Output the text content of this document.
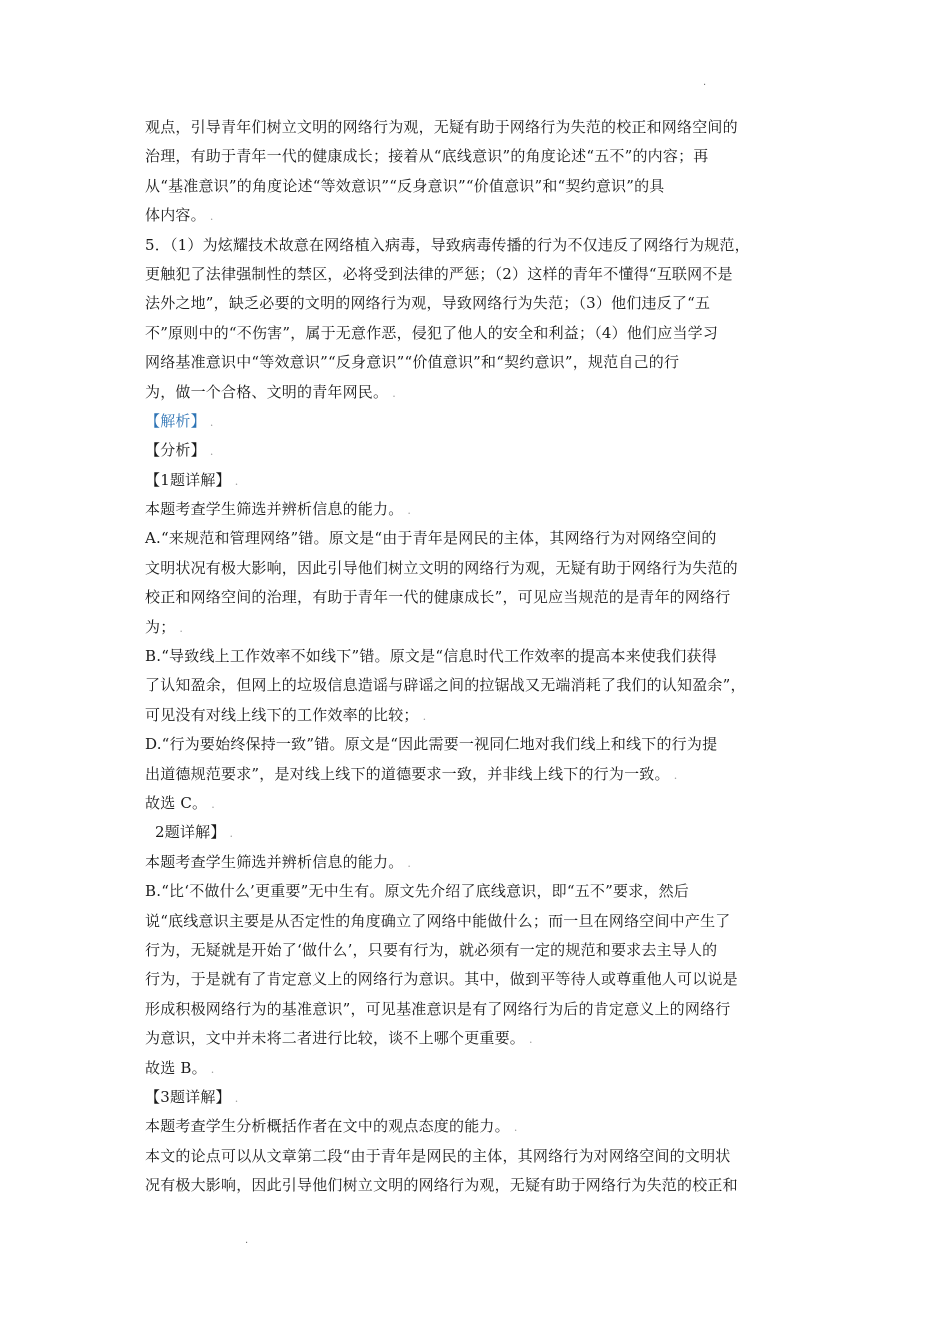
‧
观点，引导青年们树立文明的网络行为观，无疑有助于网络行为失范的校正和网络空间的
治理，有助于青年一代的健康成长；接着从“底线意识”的角度论述“五不”的内容；再
从“基准意识”的角度论述“等效意识”“反身意识”“价值意识”和“契约意识”的具
体内容。 .
5．（1）为炫耀技术故意在网络植入病毒，导致病毒传播的行为不仅违反了网络行为规范，
更触犯了法律强制性的禁区，必将受到法律的严惩；（2）这样的青年不懂得“互联网不是
法外之地”，缺乏必要的文明的网络行为观，导致网络行为失范；（3）他们违反了“五
不”原则中的“不伤害”，属于无意作恶，侵犯了他人的安全和利益；（4）他们应当学习
网络基准意识中“等效意识”“反身意识”“价值意识”和“契约意识”，规范自己的行
为，做一个合格、文明的青年网民。 .
【解析】 .
【分析】 .
【1题详解】 .
本题考查学生筛选并辨析信息的能力。 .
A.“来规范和管理网络”错。原文是“由于青年是网民的主体，其网络行为对网络空间的
文明状况有极大影响，因此引导他们树立文明的网络行为观，无疑有助于网络行为失范的
校正和网络空间的治理，有助于青年一代的健康成长”，可见应当规范的是青年的网络行
为； .
B.“导致线上工作效率不如线下”错。原文是“信息时代工作效率的提高本来使我们获得
了认知盈余，但网上的垃圾信息造谣与辟谣之间的拉锯战又无端消耗了我们的认知盈余”，
可见没有对线上线下的工作效率的比较； .
D.“行为要始终保持一致”错。原文是“因此需要一视同仁地对我们线上和线下的行为提
出道德规范要求”，是对线上线下的道德要求一致，并非线上线下的行为一致。 .
故选 C。 .
2题详解】 .
本题考查学生筛选并辨析信息的能力。 .
B.“比‘不做什么’更重要”无中生有。原文先介绍了底线意识，即“五不”要求，然后
说“底线意识主要是从否定性的角度确立了网络中能做什么；而一旦在网络空间中产生了
行为，无疑就是开始了‘做什么’，只要有行为，就必须有一定的规范和要求去主导人的
行为，于是就有了肯定意义上的网络行为意识。其中，做到平等待人或尊重他人可以说是
形成积极网络行为的基准意识”，可见基准意识是有了网络行为后的肯定意义上的网络行
为意识，文中并未将二者进行比较，谈不上哪个更重要。 .
故选 B。 .
【3题详解】 .
本题考查学生分析概括作者在文中的观点态度的能力。 .
本文的论点可以从文章第二段“由于青年是网民的主体，其网络行为对网络空间的文明状
况有极大影响，因此引导他们树立文明的网络行为观，无疑有助于网络行为失范的校正和
‧
